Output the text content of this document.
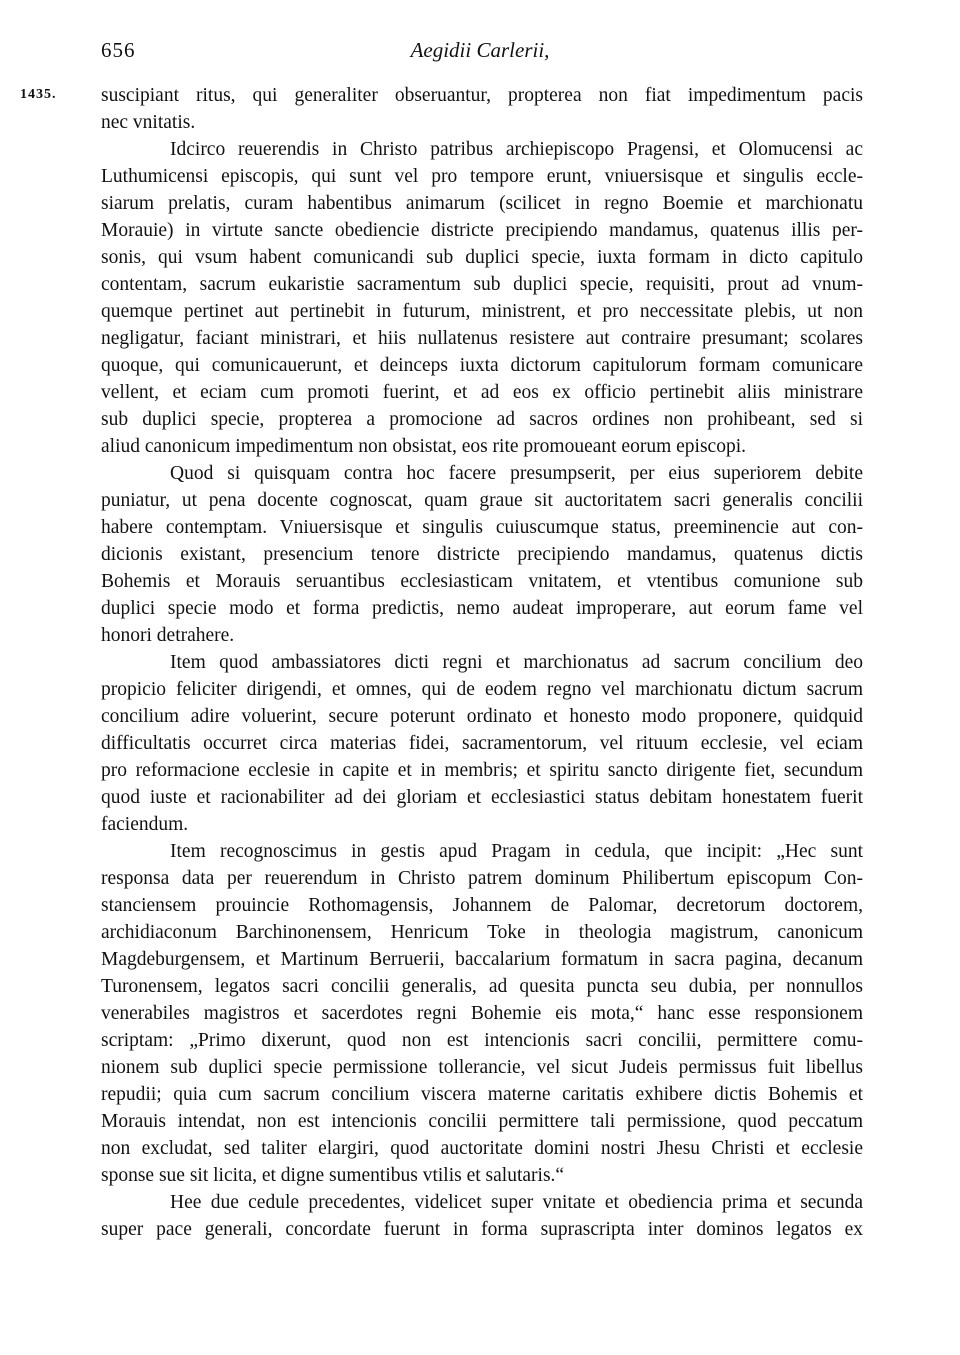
656	Aegidii Carlerii,
1435. suscipiant ritus, qui generaliter obseruantur, propterea non fiat impedimentum pacis
nec vnitatis.
Idcirco reuerendis in Christo patribus archiepiscopo Pragensi, et Olomucensi ac
Luthumicensi episcopis, qui sunt vel pro tempore erunt, vniuersisque et singulis eccle-
siarum prelatis, curam habentibus animarum (scilicet in regno Boemie et marchionatu
Morauie) in virtute sancte obediencie districte precipiendo mandamus, quatenus illis per-
sonis, qui vsum habent comunicandi sub duplici specie, iuxta formam in dicto capitulo
contentam, sacrum eukaristie sacramentum sub duplici specie, requisiti, prout ad vnum-
quemque pertinet aut pertinebit in futurum, ministrent, et pro neccessitate plebis, ut non
negligatur, faciant ministrari, et hiis nullatenus resistere aut contraire presumant; scolares
quoque, qui comunicauerunt, et deinceps iuxta dictorum capitulorum formam comunicare
vellent, et eciam cum promoti fuerint, et ad eos ex officio pertinebit aliis ministrare
sub duplici specie, propterea a promocione ad sacros ordines non prohibeant, sed si
aliud canonicum impedimentum non obsistat, eos rite promoueant eorum episcopi.
Quod si quisquam contra hoc facere presumpserit, per eius superiorem debite
puniatur, ut pena docente cognoscat, quam graue sit auctoritatem sacri generalis concilii
habere contemptam. Vniuersisque et singulis cuiuscumque status, preeminencie aut con-
dicionis existant, presencium tenore districte precipiendo mandamus, quatenus dictis
Bohemis et Morauis seruantibus ecclesiasticam vnitatem, et vtentibus comunione sub
duplici specie modo et forma predictis, nemo audeat improperare, aut eorum fame vel
honori detrahere.
Item quod ambassiatores dicti regni et marchionatus ad sacrum concilium deo
propicio feliciter dirigendi, et omnes, qui de eodem regno vel marchionatu dictum sacrum
concilium adire voluerint, secure poterunt ordinato et honesto modo proponere, quidquid
difficultatis occurret circa materias fidei, sacramentorum, vel rituum ecclesie, vel eciam
pro reformacione ecclesie in capite et in membris; et spiritu sancto dirigente fiet, secundum
quod iuste et racionabiliter ad dei gloriam et ecclesiastici status debitam honestatem fuerit
faciendum.
Item recognoscimus in gestis apud Pragam in cedula, que incipit: „Hec sunt
responsa data per reuerendum in Christo patrem dominum Philibertum episcopum Con-
stanciensem prouincie Rothomagensis, Johannem de Palomar, decretorum doctorem,
archidiaconum Barchinonensem, Henricum Toke in theologia magistrum, canonicum
Magdeburgensem, et Martinum Berruerii, baccalarium formatum in sacra pagina, decanum
Turonensem, legatos sacri concilii generalis, ad quesita puncta seu dubia, per nonnullos
venerabiles magistros et sacerdotes regni Bohemie eis mota,“ hanc esse responsionem
scriptam: „Primo dixerunt, quod non est intencionis sacri concilii, permittere comu-
nionem sub duplici specie permissione tollerancie, vel sicut Judeis permissus fuit libellus
repudii; quia cum sacrum concilium viscera materne caritatis exhibere dictis Bohemis et
Morauis intendat, non est intencionis concilii permittere tali permissione, quod peccatum
non excludat, sed taliter elargiri, quod auctoritate domini nostri Jhesu Christi et ecclesie
sponse sue sit licita, et digne sumentibus vtilis et salutaris.“
Hee due cedule precedentes, videlicet super vnitate et obediencia prima et secunda
super pace generali, concordate fuerunt in forma suprascripta inter dominos legatos ex
